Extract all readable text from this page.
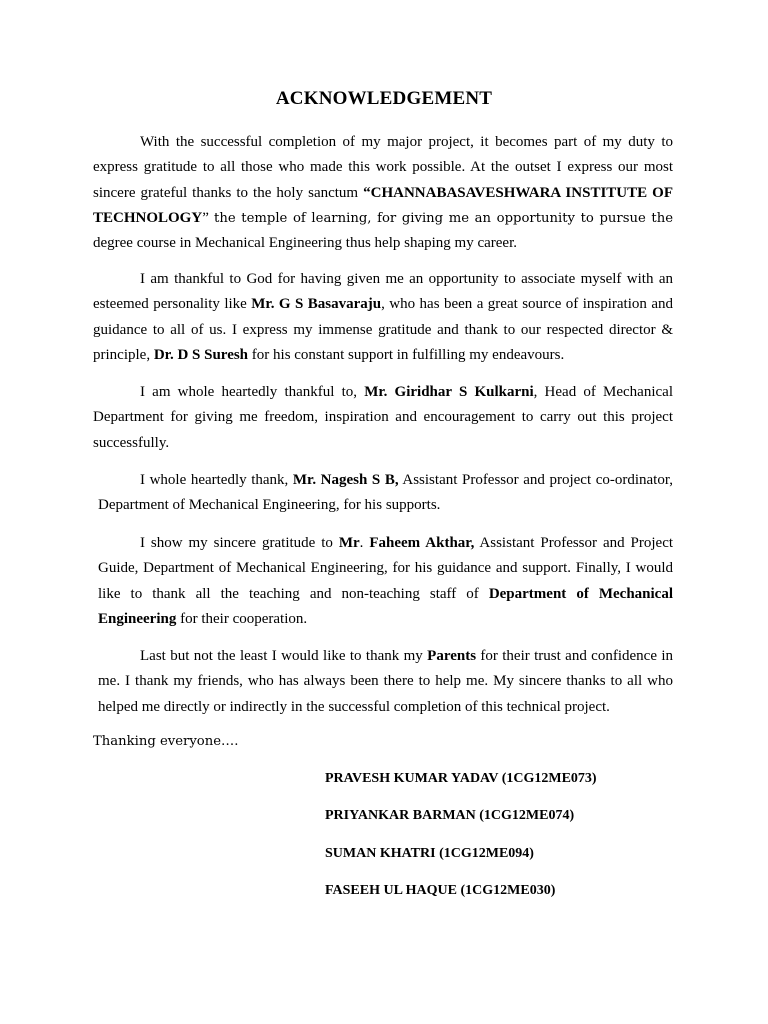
ACKNOWLEDGEMENT
With the successful completion of my major project, it becomes part of my duty to express gratitude to all those who made this work possible. At the outset I express our most sincere grateful thanks to the holy sanctum “CHANNABASAVESHWARA INSTITUTE OF TECHNOLOGY” the temple of learning, for giving me an opportunity to pursue the degree course in Mechanical Engineering thus help shaping my career.
I am thankful to God for having given me an opportunity to associate myself with an esteemed personality like Mr. G S Basavaraju, who has been a great source of inspiration and guidance to all of us. I express my immense gratitude and thank to our respected director & principle, Dr. D S Suresh for his constant support in fulfilling my endeavours.
I am whole heartedly thankful to, Mr. Giridhar S Kulkarni, Head of Mechanical Department for giving me freedom, inspiration and encouragement to carry out this project successfully.
I whole heartedly thank, Mr. Nagesh S B, Assistant Professor and project co-ordinator, Department of Mechanical Engineering, for his supports.
I show my sincere gratitude to Mr. Faheem Akthar, Assistant Professor and Project Guide, Department of Mechanical Engineering, for his guidance and support. Finally, I would like to thank all the teaching and non-teaching staff of Department of Mechanical Engineering for their cooperation.
Last but not the least I would like to thank my Parents for their trust and confidence in me. I thank my friends, who has always been there to help me. My sincere thanks to all who helped me directly or indirectly in the successful completion of this technical project.
Thanking everyone….
PRAVESH KUMAR YADAV (1CG12ME073)
PRIYANKAR BARMAN (1CG12ME074)
SUMAN KHATRI (1CG12ME094)
FASEEH UL HAQUE (1CG12ME030)
